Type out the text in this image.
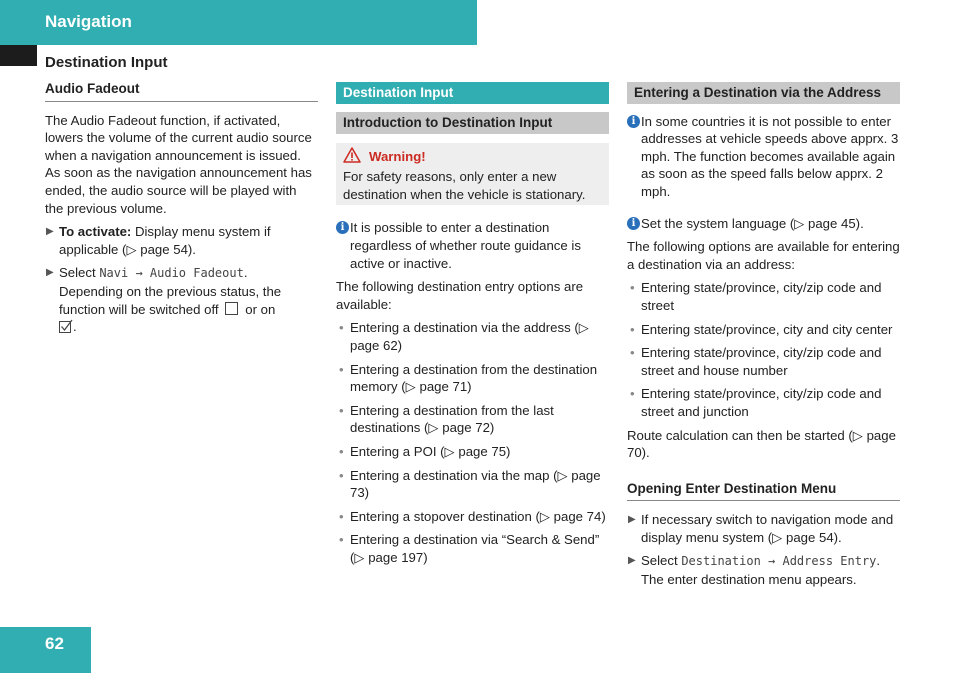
Navigation
Destination Input
Audio Fadeout

The Audio Fadeout function, if activated, lowers the volume of the current audio source when a navigation announcement is issued. As soon as the navigation announcement has ended, the audio source will be played with the previous volume.

▶ To activate: Display menu system if applicable (▷ page 54).
▶ Select Navi → Audio Fadeout.
Depending on the previous status, the function will be switched off or on
.
Destination Input
Introduction to Destination Input
Warning!
For safety reasons, only enter a new destination when the vehicle is stationary.
i It is possible to enter a destination regardless of whether route guidance is active or inactive.

The following destination entry options are available:

• Entering a destination via the address (▷ page 62)
• Entering a destination from the destination memory (▷ page 71)
• Entering a destination from the last destinations (▷ page 72)
• Entering a POI (▷ page 75)
• Entering a destination via the map (▷ page 73)
• Entering a stopover destination (▷ page 74)
• Entering a destination via “Search & Send” (▷ page 197)
Entering a Destination via the Address
i In some countries it is not possible to enter addresses at vehicle speeds above apprx. 3 mph. The function becomes available again as soon as the speed falls below apprx. 2 mph.
i Set the system language (▷ page 45).

The following options are available for entering a destination via an address:

• Entering state/province, city/zip code and street
• Entering state/province, city and city center
• Entering state/province, city/zip code and street and house number
• Entering state/province, city/zip code and street and junction

Route calculation can then be started (▷ page 70).

Opening Enter Destination Menu
▶ If necessary switch to navigation mode and display menu system (▷ page 54).
▶ Select Destination → Address Entry.
The enter destination menu appears.
62
